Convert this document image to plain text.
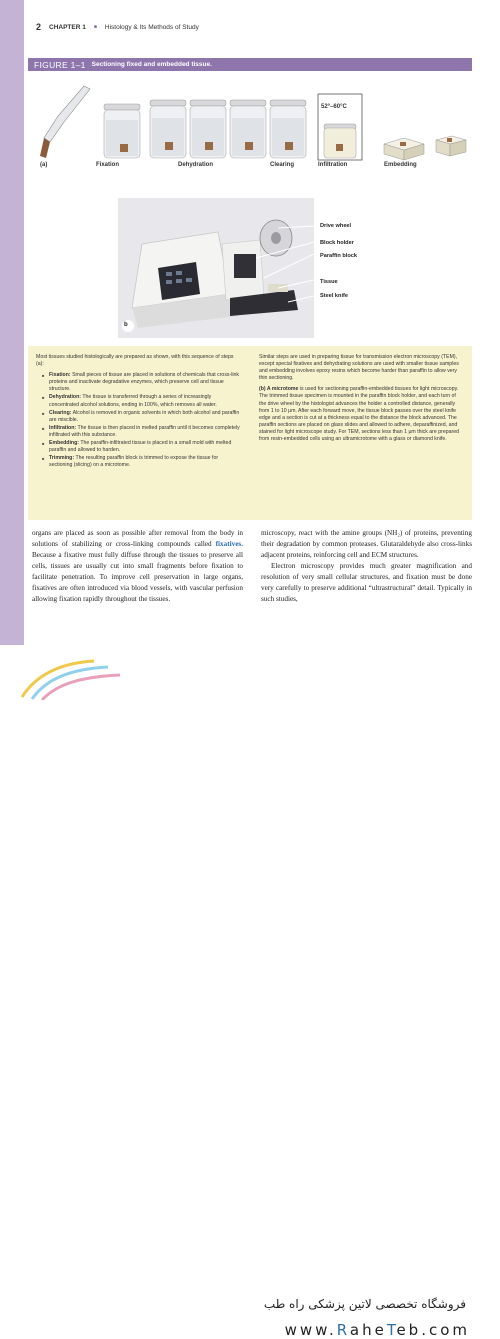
2 CHAPTER 1 ■ Histology & Its Methods of Study
FIGURE 1–1 Sectioning fixed and embedded tissue.
(a)	Fixation	Dehydration	Clearing	Infiltration	Embedding
52°–60°C
b
Drive wheel
Block holder
Paraffin block
Tissue
Steel knife

Most tissues studied histologically are prepared as shown, with this sequence of steps (a):

■ Fixation: Small pieces of tissue are placed in solutions of chemicals that cross-link proteins and inactivate degradative enzymes, which preserve cell and tissue structure.
■ Dehydration: The tissue is transferred through a series of increasingly concentrated alcohol solutions, ending in 100%, which removes all water.
■ Clearing: Alcohol is removed in organic solvents in which both alcohol and paraffin are miscible.
■ Infiltration: The tissue is then placed in melted paraffin until it becomes completely infiltrated with this substance.
■ Embedding: The paraffin-infiltrated tissue is placed in a small mold with melted paraffin and allowed to harden.
■ Trimming: The resulting paraffin block is trimmed to expose the tissue for sectioning (slicing) on a microtome.

Similar steps are used in preparing tissue for transmission electron microscopy (TEM), except special fixatives and dehydrating solutions are used with smaller tissue samples and embedding involves epoxy resins which become harder than paraffin to allow very thin sectioning.

(b) A microtome is used for sectioning paraffin-embedded tissues for light microscopy. The trimmed tissue specimen is mounted in the paraffin block holder, and each turn of the drive wheel by the histologist advances the holder a controlled distance, generally from 1 to 10 μm. After each forward move, the tissue block passes over the steel knife edge and a section is cut at a thickness equal to the distance the block advanced. The paraffin sections are placed on glass slides and allowed to adhere, deparaffinized, and stained for light microscope study. For TEM, sections less than 1 μm thick are prepared from resin-embedded cells using an ultramicrotome with a glass or diamond knife.

organs are placed as soon as possible after removal from the body in solutions of stabilizing or cross-linking compounds called fixatives. Because a fixative must fully diffuse through the tissues to preserve all cells, tissues are usually cut into small fragments before fixation to facilitate penetration. To improve cell preservation in large organs, fixatives are often introduced via blood vessels, with vascular perfusion allowing fixation rapidly throughout the tissues.

microscopy, react with the amine groups (NH₂) of proteins, preventing their degradation by common proteases. Glutaraldehyde also cross-links adjacent proteins, reinforcing cell and ECM structures.

Electron microscopy provides much greater magnification and resolution of very small cellular structures, and fixation must be done very carefully to preserve additional “ultrastructural” detail. Typically in such studies,

فروشگاه تخصصی لاتین پزشکی راه طب
www.RaheTeb.com
